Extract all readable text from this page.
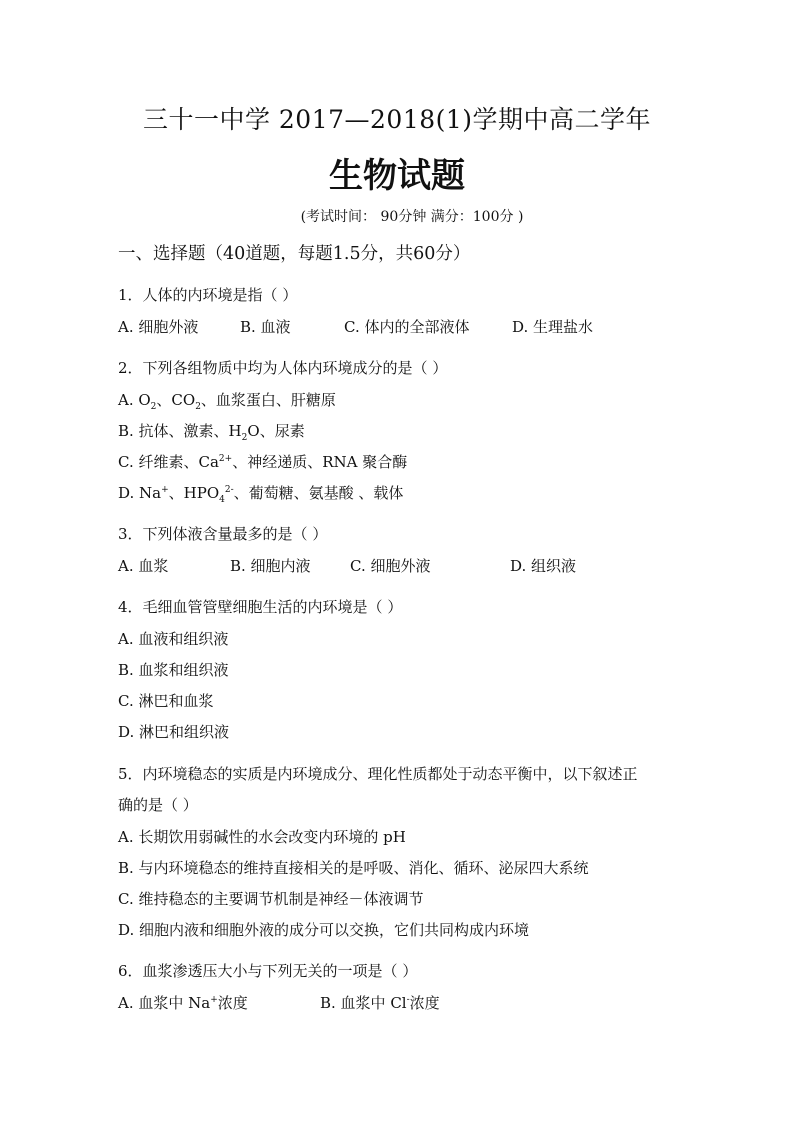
三十一中学 2017—2018(1)学期中高二学年
生物试题
(考试时间： 90分钟 满分：100分 )
一、选择题（40道题，每题1.5分，共60分）
1．人体的内环境是指（ ）
A. 细胞外液	B. 血液	C. 体内的全部液体	D. 生理盐水
2．下列各组物质中均为人体内环境成分的是（ ）
A. $O_2$、$CO_2$、血浆蛋白、肝糖原
B. 抗体、激素、$H_2O$、尿素
C. 纤维素、$Ca^{2+}$、神经递质、RNA 聚合酶
D. Na+、$HPO_4^{2-}$、葡萄糖、氨基酸 、载体
3．下列体液含量最多的是（ ）
A. 血浆	B. 细胞内液	C. 细胞外液	D. 组织液
4．毛细血管管壁细胞生活的内环境是（ ）
A. 血液和组织液
B. 血浆和组织液
C. 淋巴和血浆
D. 淋巴和组织液
5．内环境稳态的实质是内环境成分、理化性质都处于动态平衡中，以下叙述正
确的是（ ）
A. 长期饮用弱碱性的水会改变内环境的 pH
B. 与内环境稳态的维持直接相关的是呼吸、消化、循环、泌尿四大系统
C. 维持稳态的主要调节机制是神经－体液调节
D. 细胞内液和细胞外液的成分可以交换，它们共同构成内环境
6．血浆渗透压大小与下列无关的一项是（ ）
A. 血浆中 Na+浓度	B. 血浆中 Cl-浓度
